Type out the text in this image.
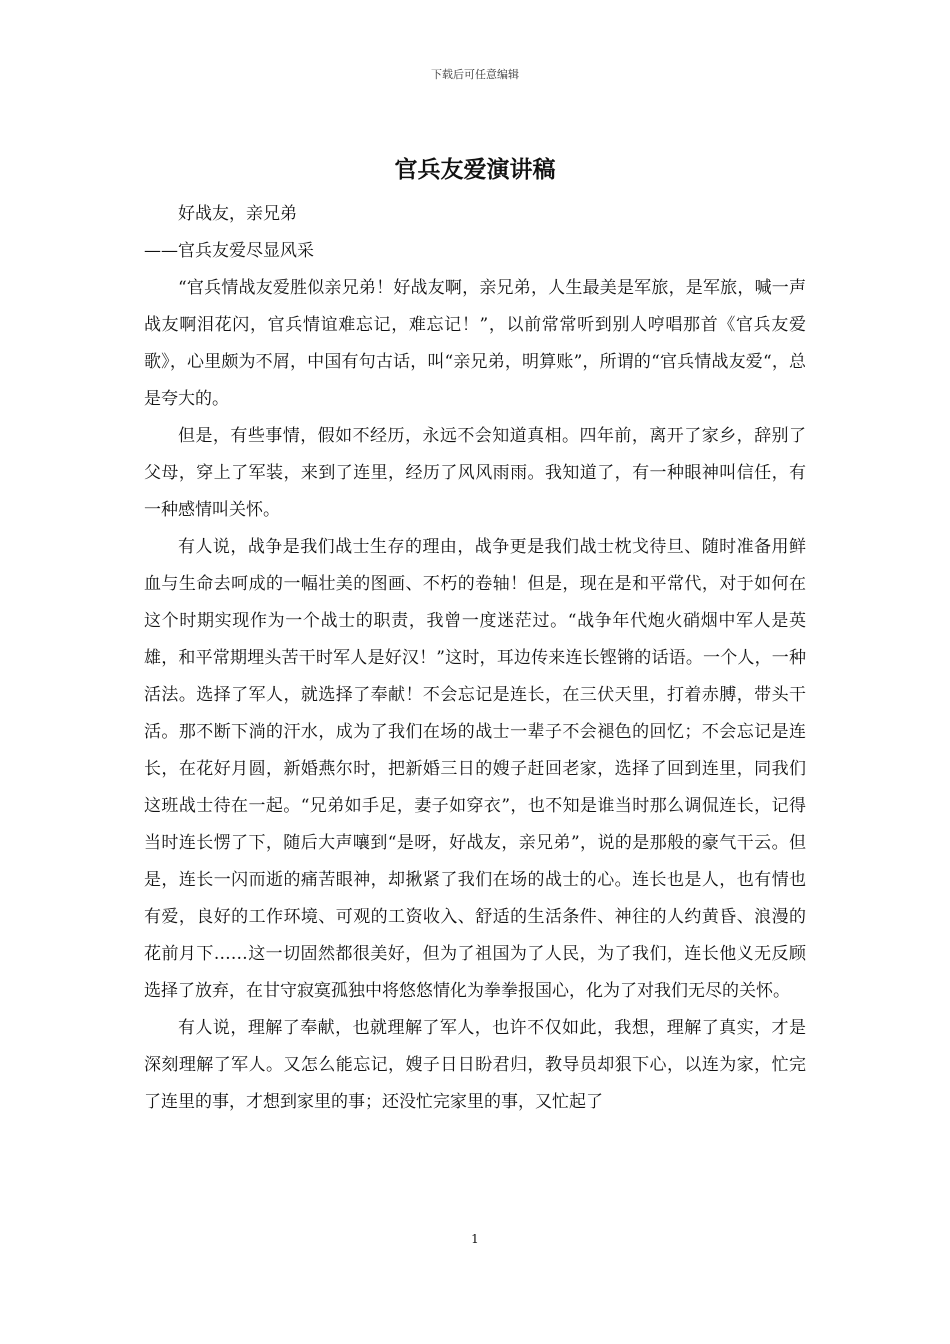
下载后可任意编辑
官兵友爱演讲稿

好战友，亲兄弟

——官兵友爱尽显风采

“官兵情战友爱胜似亲兄弟！好战友啊，亲兄弟，人生最美是军旅，是军旅，喊一声战友啊泪花闪，官兵情谊难忘记，难忘记！”，以前常常听到别人哼唱那首《官兵友爱歌》，心里颇为不屑，中国有句古话，叫“亲兄弟，明算账”，所谓的“官兵情战友爱“，总是夸大的。

但是，有些事情，假如不经历，永远不会知道真相。四年前，离开了家乡，辞别了父母，穿上了军装，来到了连里，经历了风风雨雨。我知道了，有一种眼神叫信任，有一种感情叫关怀。

有人说，战争是我们战士生存的理由，战争更是我们战士枕戈待旦、随时准备用鲜血与生命去呵成的一幅壮美的图画、不朽的卷轴！但是，现在是和平常代，对于如何在这个时期实现作为一个战士的职责，我曾一度迷茫过。“战争年代炮火硝烟中军人是英雄，和平常期埋头苦干时军人是好汉！”这时，耳边传来连长铿锵的话语。一个人，一种活法。选择了军人，就选择了奉献！不会忘记是连长，在三伏天里，打着赤膊，带头干活。那不断下淌的汗水，成为了我们在场的战士一辈子不会褪色的回忆；不会忘记是连长，在花好月圆，新婚燕尔时，把新婚三日的嫂子赶回老家，选择了回到连里，同我们这班战士待在一起。“兄弟如手足，妻子如穿衣”，也不知是谁当时那么调侃连长，记得当时连长愣了下，随后大声嚷到“是呀，好战友，亲兄弟”，说的是那般的豪气干云。但是，连长一闪而逝的痛苦眼神，却揪紧了我们在场的战士的心。连长也是人，也有情也有爱，良好的工作环境、可观的工资收入、舒适的生活条件、神往的人约黄昏、浪漫的花前月下……这一切固然都很美好，但为了祖国为了人民，为了我们，连长他义无反顾选择了放弃，在甘守寂寞孤独中将悠悠情化为拳拳报国心，化为了对我们无尽的关怀。

有人说，理解了奉献，也就理解了军人，也许不仅如此，我想，理解了真实，才是深刻理解了军人。又怎么能忘记，嫂子日日盼君归，教导员却狠下心，以连为家，忙完了连里的事，才想到家里的事；还没忙完家里的事，又忙起了

1
